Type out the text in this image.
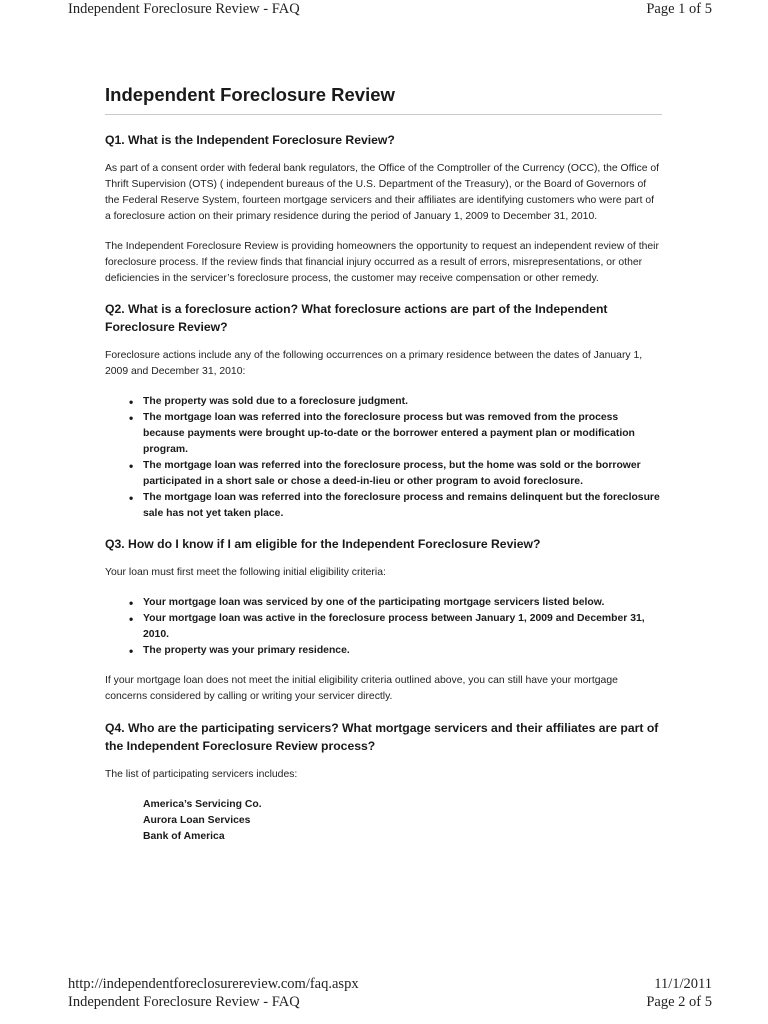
Independent Foreclosure Review - FAQ	Page 1 of 5
Independent Foreclosure Review
Q1. What is the Independent Foreclosure Review?

As part of a consent order with federal bank regulators, the Office of the Comptroller of the Currency (OCC), the Office of Thrift Supervision (OTS) ( independent bureaus of the U.S. Department of the Treasury), or the Board of Governors of the Federal Reserve System, fourteen mortgage servicers and their affiliates are identifying customers who were part of a foreclosure action on their primary residence during the period of January 1, 2009 to December 31, 2010.

The Independent Foreclosure Review is providing homeowners the opportunity to request an independent review of their foreclosure process. If the review finds that financial injury occurred as a result of errors, misrepresentations, or other deficiencies in the servicer’s foreclosure process, the customer may receive compensation or other remedy.

Q2. What is a foreclosure action? What foreclosure actions are part of the Independent Foreclosure Review?

Foreclosure actions include any of the following occurrences on a primary residence between the dates of January 1, 2009 and December 31, 2010:

• The property was sold due to a foreclosure judgment.
• The mortgage loan was referred into the foreclosure process but was removed from the process because payments were brought up-to-date or the borrower entered a payment plan or modification program.
• The mortgage loan was referred into the foreclosure process, but the home was sold or the borrower participated in a short sale or chose a deed-in-lieu or other program to avoid foreclosure.
• The mortgage loan was referred into the foreclosure process and remains delinquent but the foreclosure sale has not yet taken place.
Q3. How do I know if I am eligible for the Independent Foreclosure Review?

Your loan must first meet the following initial eligibility criteria:

• Your mortgage loan was serviced by one of the participating mortgage servicers listed below.
• Your mortgage loan was active in the foreclosure process between January 1, 2009 and December 31, 2010.
• The property was your primary residence.

If your mortgage loan does not meet the initial eligibility criteria outlined above, you can still have your mortgage concerns considered by calling or writing your servicer directly.

Q4. Who are the participating servicers? What mortgage servicers and their affiliates are part of the Independent Foreclosure Review process?

The list of participating servicers includes:

America’s Servicing Co.
Aurora Loan Services
Bank of America
http://independentforeclosurereview.com/faq.aspx	11/1/2011
Independent Foreclosure Review - FAQ	Page 2 of 5
